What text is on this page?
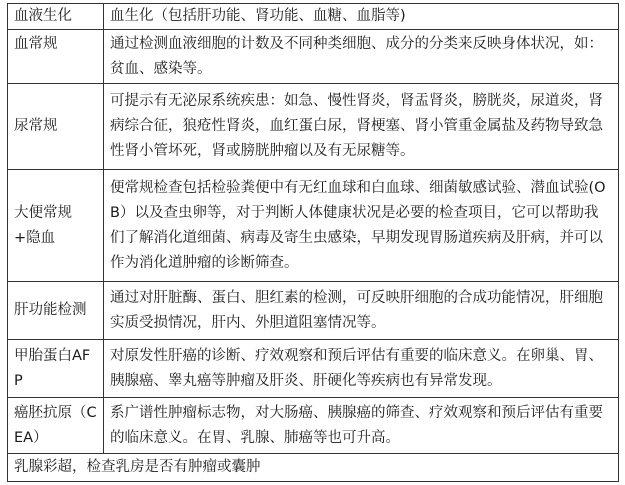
血液生化	血生化（包括肝功能、肾功能、血糖、血脂等)
血常规	通过检测血液细胞的计数及不同种类细胞、成分的分类来反映身体状况，如：贫血、感染等。
尿常规	可提示有无泌尿系统疾患：如急、慢性肾炎，肾盂肾炎，膀胱炎，尿道炎，肾病综合征，狼疮性肾炎，血红蛋白尿，肾梗塞、肾小管重金属盐及药物导致急性肾小管坏死，肾或膀胱肿瘤以及有无尿糖等。
大便常规+隐血	便常规检查包括检验粪便中有无红血球和白血球、细菌敏感试验、潜血试验(OB）以及查虫卵等，对于判断人体健康状况是必要的检查项目，它可以帮助我们了解消化道细菌、病毒及寄生虫感染，早期发现胃肠道疾病及肝病，并可以作为消化道肿瘤的诊断筛查。
肝功能检测	通过对肝脏酶、蛋白、胆红素的检测，可反映肝细胞的合成功能情况，肝细胞实质受损情况，肝内、外胆道阻塞情况等。
甲胎蛋白AFP	对原发性肝癌的诊断、疗效观察和预后评估有重要的临床意义。在卵巢、胃、胰腺癌、睾丸癌等肿瘤及肝炎、肝硬化等疾病也有异常发现。
癌胚抗原（CEA）	系广谱性肿瘤标志物，对大肠癌、胰腺癌的筛查、疗效观察和预后评估有重要的临床意义。在胃、乳腺、肺癌等也可升高。
乳腺彩超，检查乳房是否有肿瘤或囊肿	
